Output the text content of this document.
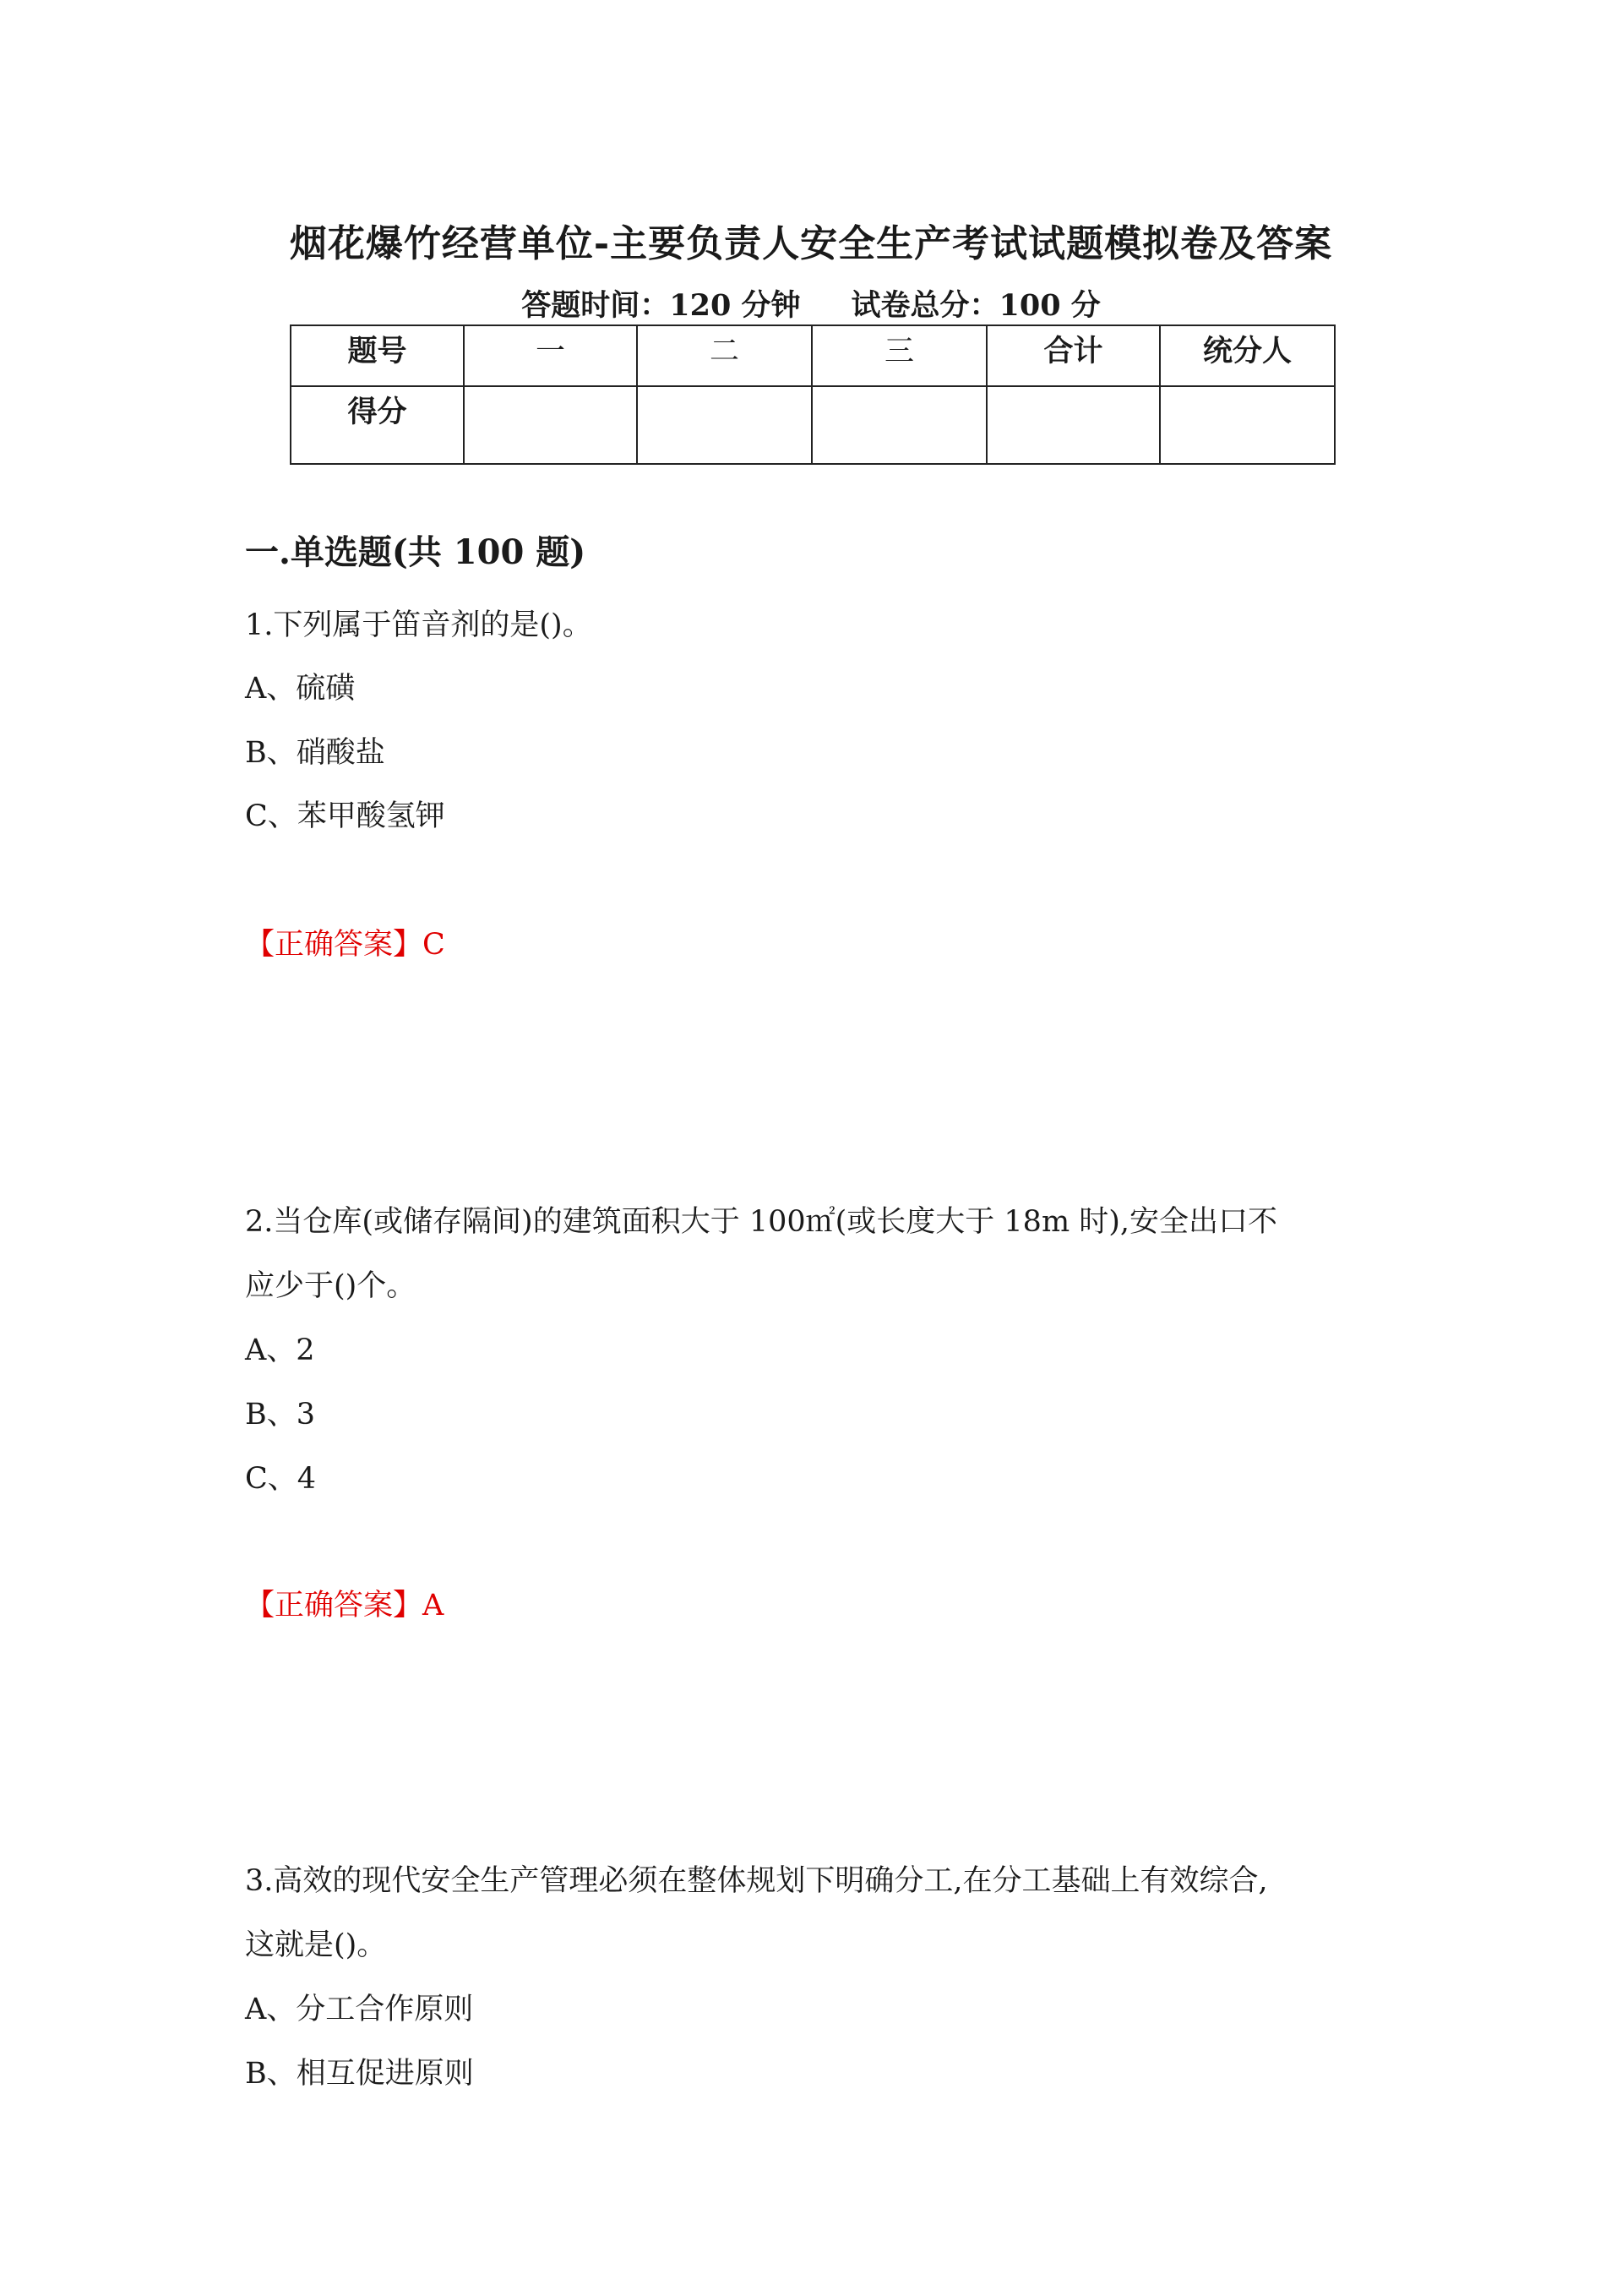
烟花爆竹经营单位-主要负责人安全生产考试试题模拟卷及答案
答题时间：120 分钟 试卷总分：100 分
题号	一	二	三	合计	统分人
得分					
一.单选题(共 100 题)
1.下列属于笛音剂的是()。
A、硫磺
B、硝酸盐
C、苯甲酸氢钾
【正确答案】C
2.当仓库(或储存隔间)的建筑面积大于 100㎡(或长度大于 18m 时),安全出口不
应少于()个。
A、2
B、3
C、4
【正确答案】A
3.高效的现代安全生产管理必须在整体规划下明确分工,在分工基础上有效综合,
这就是()。
A、分工合作原则
B、相互促进原则
